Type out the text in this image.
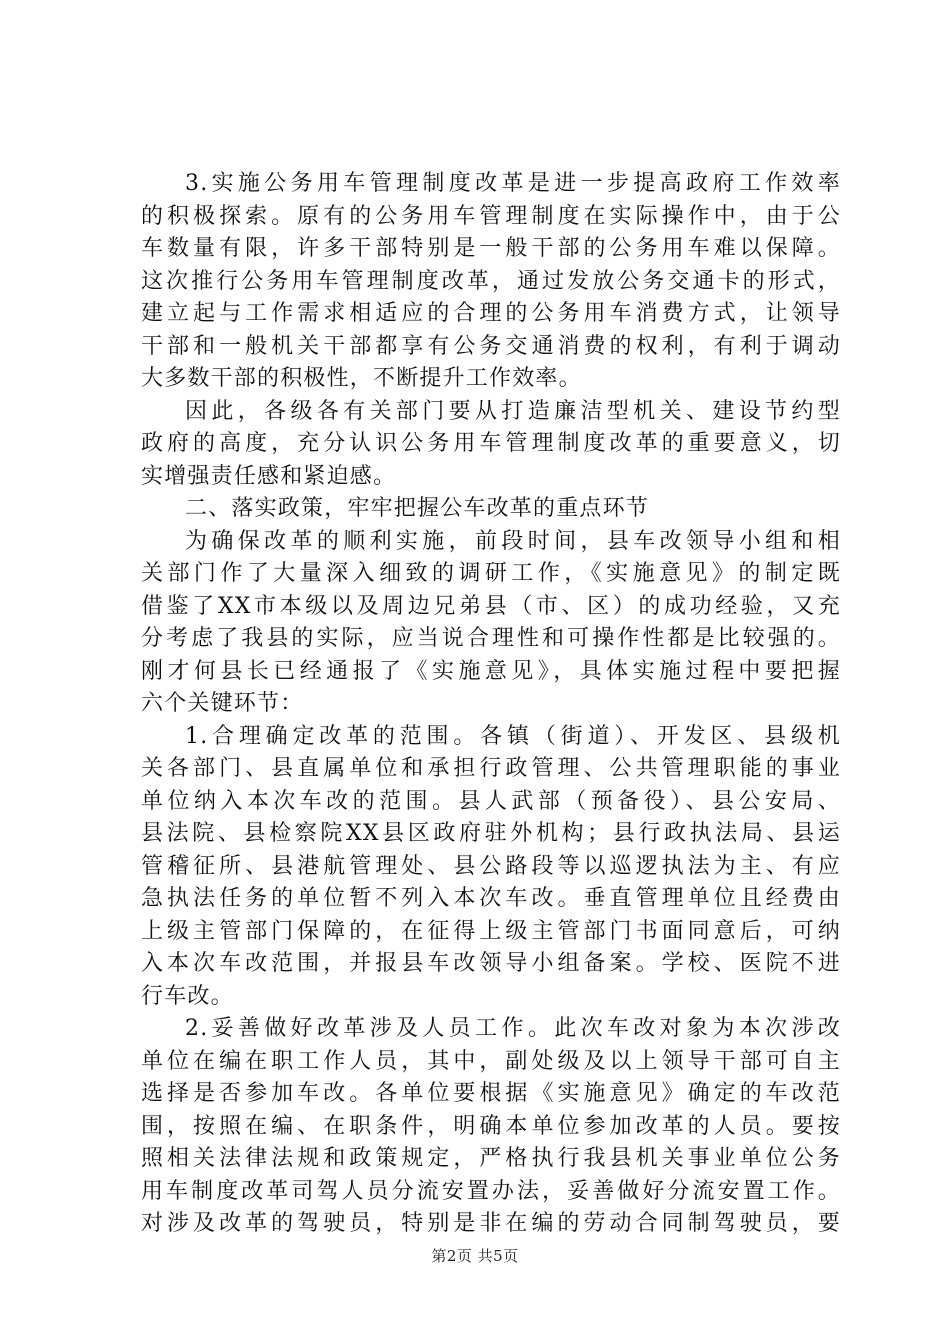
3.实施公务用车管理制度改革是进一步提高政府工作效率
的积极探索。原有的公务用车管理制度在实际操作中，由于公
车数量有限，许多干部特别是一般干部的公务用车难以保障。
这次推行公务用车管理制度改革，通过发放公务交通卡的形式，
建立起与工作需求相适应的合理的公务用车消费方式，让领导
干部和一般机关干部都享有公务交通消费的权利，有利于调动
大多数干部的积极性，不断提升工作效率。
因此，各级各有关部门要从打造廉洁型机关、建设节约型
政府的高度，充分认识公务用车管理制度改革的重要意义，切
实增强责任感和紧迫感。
二、落实政策，牢牢把握公车改革的重点环节
为确保改革的顺利实施，前段时间，县车改领导小组和相
关部门作了大量深入细致的调研工作，《实施意见》的制定既
借鉴了XX市本级以及周边兄弟县（市、区）的成功经验，又充
分考虑了我县的实际，应当说合理性和可操作性都是比较强的。
刚才何县长已经通报了《实施意见》，具体实施过程中要把握
六个关键环节：
1.合理确定改革的范围。各镇（街道）、开发区、县级机
关各部门、县直属单位和承担行政管理、公共管理职能的事业
单位纳入本次车改的范围。县人武部（预备役）、县公安局、
县法院、县检察院XX县区政府驻外机构；县行政执法局、县运
管稽征所、县港航管理处、县公路段等以巡逻执法为主、有应
急执法任务的单位暂不列入本次车改。垂直管理单位且经费由
上级主管部门保障的，在征得上级主管部门书面同意后，可纳
入本次车改范围，并报县车改领导小组备案。学校、医院不进
行车改。
2.妥善做好改革涉及人员工作。此次车改对象为本次涉改
单位在编在职工作人员，其中，副处级及以上领导干部可自主
选择是否参加车改。各单位要根据《实施意见》确定的车改范
围，按照在编、在职条件，明确本单位参加改革的人员。要按
照相关法律法规和政策规定，严格执行我县机关事业单位公务
用车制度改革司驾人员分流安置办法，妥善做好分流安置工作。
对涉及改革的驾驶员，特别是非在编的劳动合同制驾驶员，要
第2页 共5页
